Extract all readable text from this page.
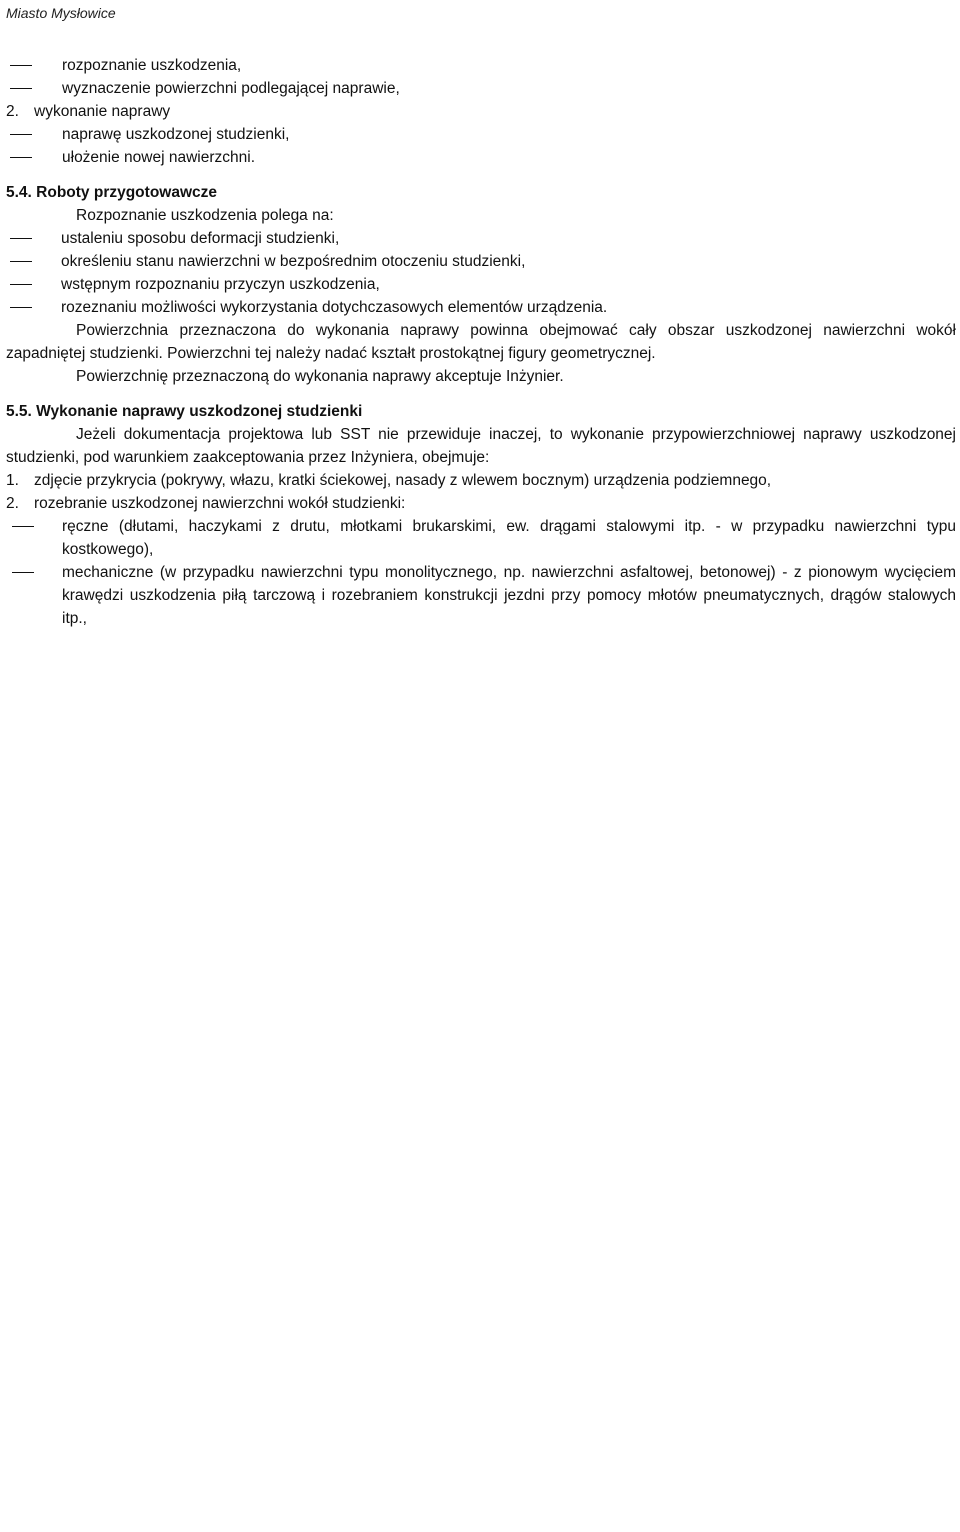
Miasto Mysłowice
rozpoznanie uszkodzenia,
wyznaczenie powierzchni podlegającej naprawie,
2. wykonanie naprawy
naprawę uszkodzonej studzienki,
ułożenie nowej nawierzchni.
5.4. Roboty przygotowawcze
Rozpoznanie uszkodzenia polega na:
ustaleniu sposobu deformacji studzienki,
określeniu stanu nawierzchni w bezpośrednim otoczeniu studzienki,
wstępnym rozpoznaniu przyczyn uszkodzenia,
rozeznaniu możliwości wykorzystania dotychczasowych elementów urządzenia.
Powierzchnia przeznaczona do wykonania naprawy powinna obejmować cały obszar uszkodzonej nawierzchni wokół zapadniętej studzienki. Powierzchni tej należy nadać kształt prostokątnej figury geometrycznej.
Powierzchnię przeznaczoną do wykonania naprawy akceptuje Inżynier.
5.5. Wykonanie naprawy uszkodzonej studzienki
Jeżeli dokumentacja projektowa lub SST nie przewiduje inaczej, to wykonanie przypowierzchniowej naprawy uszkodzonej studzienki, pod warunkiem zaakceptowania przez Inżyniera, obejmuje:
1. zdjęcie przykrycia (pokrywy, włazu, kratki ściekowej, nasady z wlewem bocznym) urządzenia podziemnego,
2. rozebranie uszkodzonej nawierzchni wokół studzienki:
ręczne (dłutami, haczykami z drutu, młotkami brukarskimi, ew. drągami stalowymi itp. - w przypadku nawierzchni typu kostkowego),
mechaniczne (w przypadku nawierzchni typu monolitycznego, np. nawierzchni asfaltowej, betonowej) - z pionowym wycięciem krawędzi uszkodzenia piłą tarczową i rozebraniem konstrukcji jezdni przy pomocy młotów pneumatycznych, drągów stalowych itp.,
